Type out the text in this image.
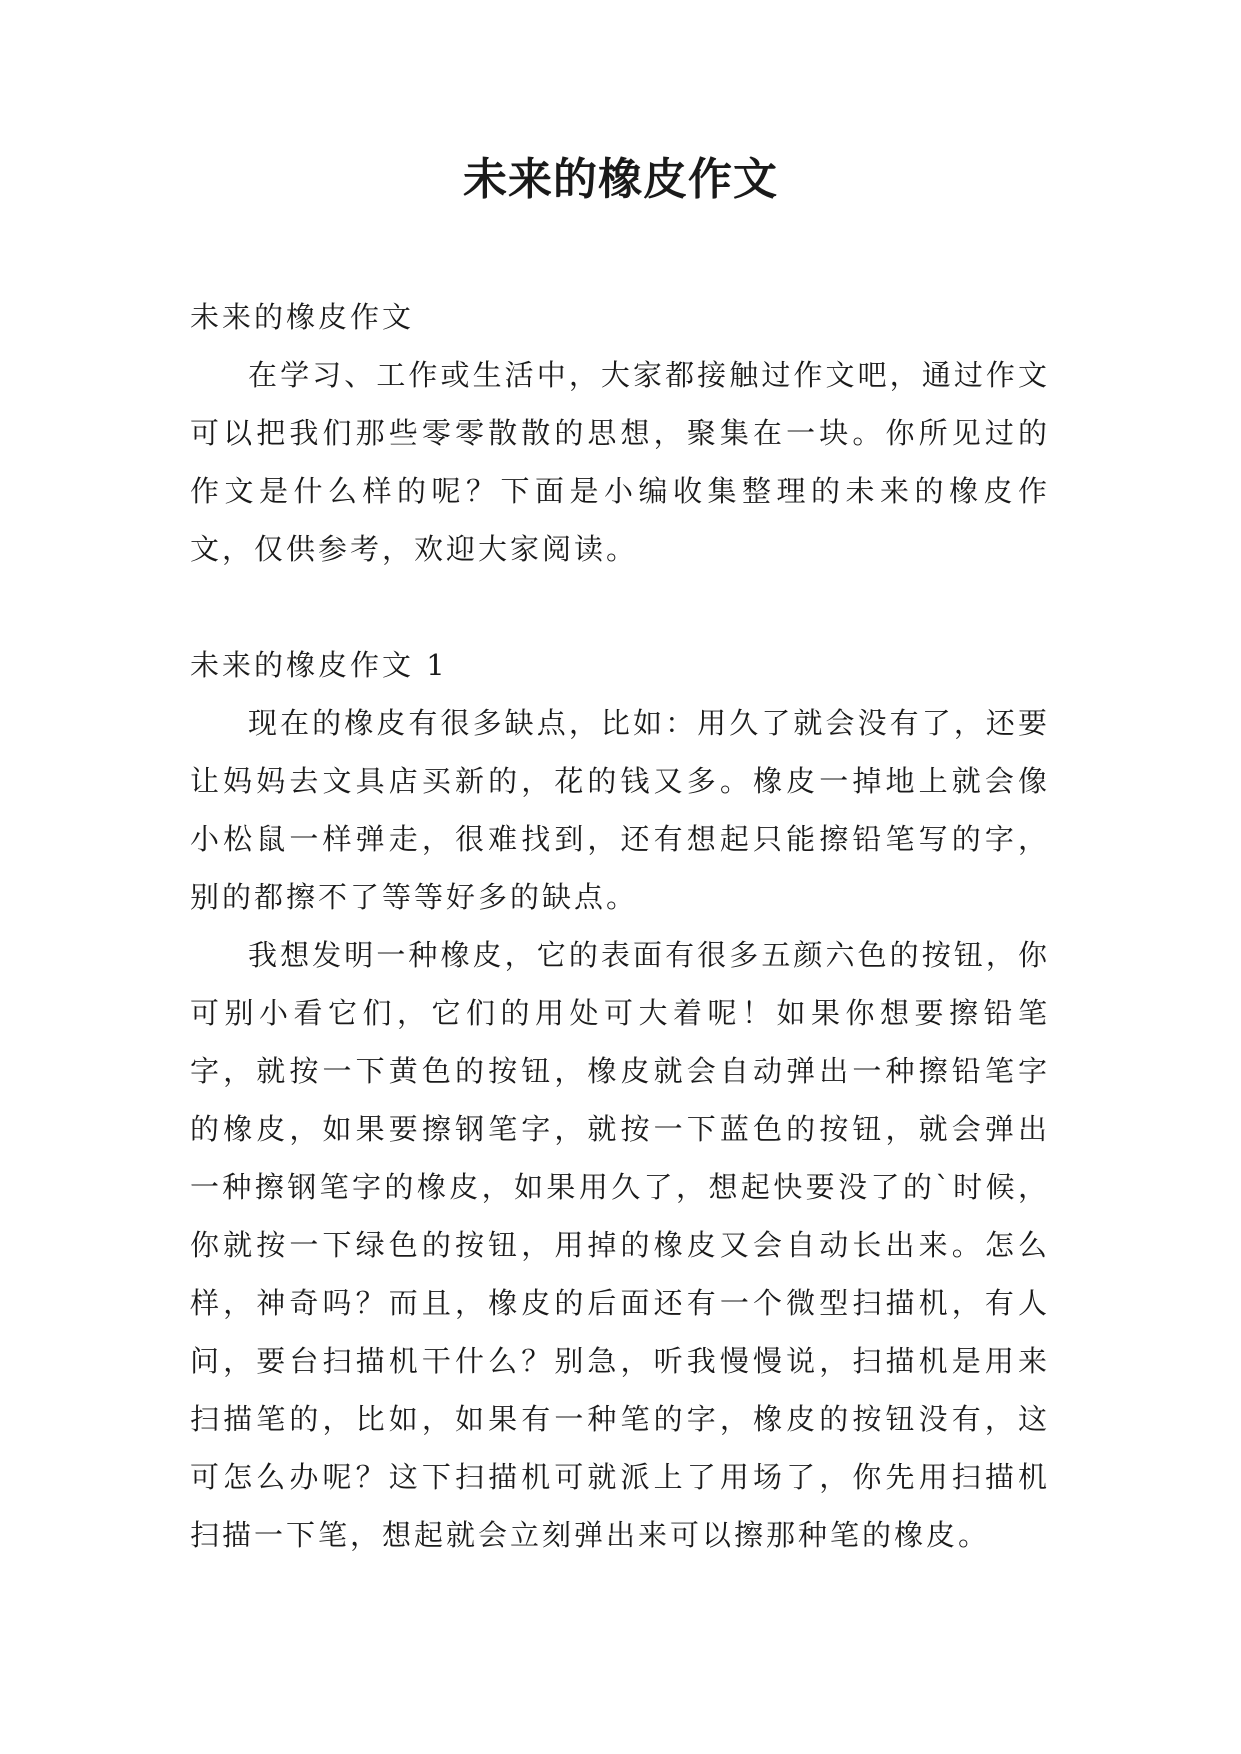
未来的橡皮作文

未来的橡皮作文

在学习、工作或生活中，大家都接触过作文吧，通过作文可以把我们那些零零散散的思想，聚集在一块。你所见过的作文是什么样的呢？下面是小编收集整理的未来的橡皮作文，仅供参考，欢迎大家阅读。

未来的橡皮作文 1

现在的橡皮有很多缺点，比如：用久了就会没有了，还要让妈妈去文具店买新的，花的钱又多。橡皮一掉地上就会像小松鼠一样弹走，很难找到，还有想起只能擦铅笔写的字，别的都擦不了等等好多的缺点。

我想发明一种橡皮，它的表面有很多五颜六色的按钮，你可别小看它们，它们的用处可大着呢！如果你想要擦铅笔字，就按一下黄色的按钮，橡皮就会自动弹出一种擦铅笔字的橡皮，如果要擦钢笔字，就按一下蓝色的按钮，就会弹出一种擦钢笔字的橡皮，如果用久了，想起快要没了的`时候，你就按一下绿色的按钮，用掉的橡皮又会自动长出来。怎么样，神奇吗？而且，橡皮的后面还有一个微型扫描机，有人问，要台扫描机干什么？别急，听我慢慢说，扫描机是用来扫描笔的，比如，如果有一种笔的字，橡皮的按钮没有，这可怎么办呢？这下扫描机可就派上了用场了，你先用扫描机扫描一下笔，想起就会立刻弹出来可以擦那种笔的橡皮。
